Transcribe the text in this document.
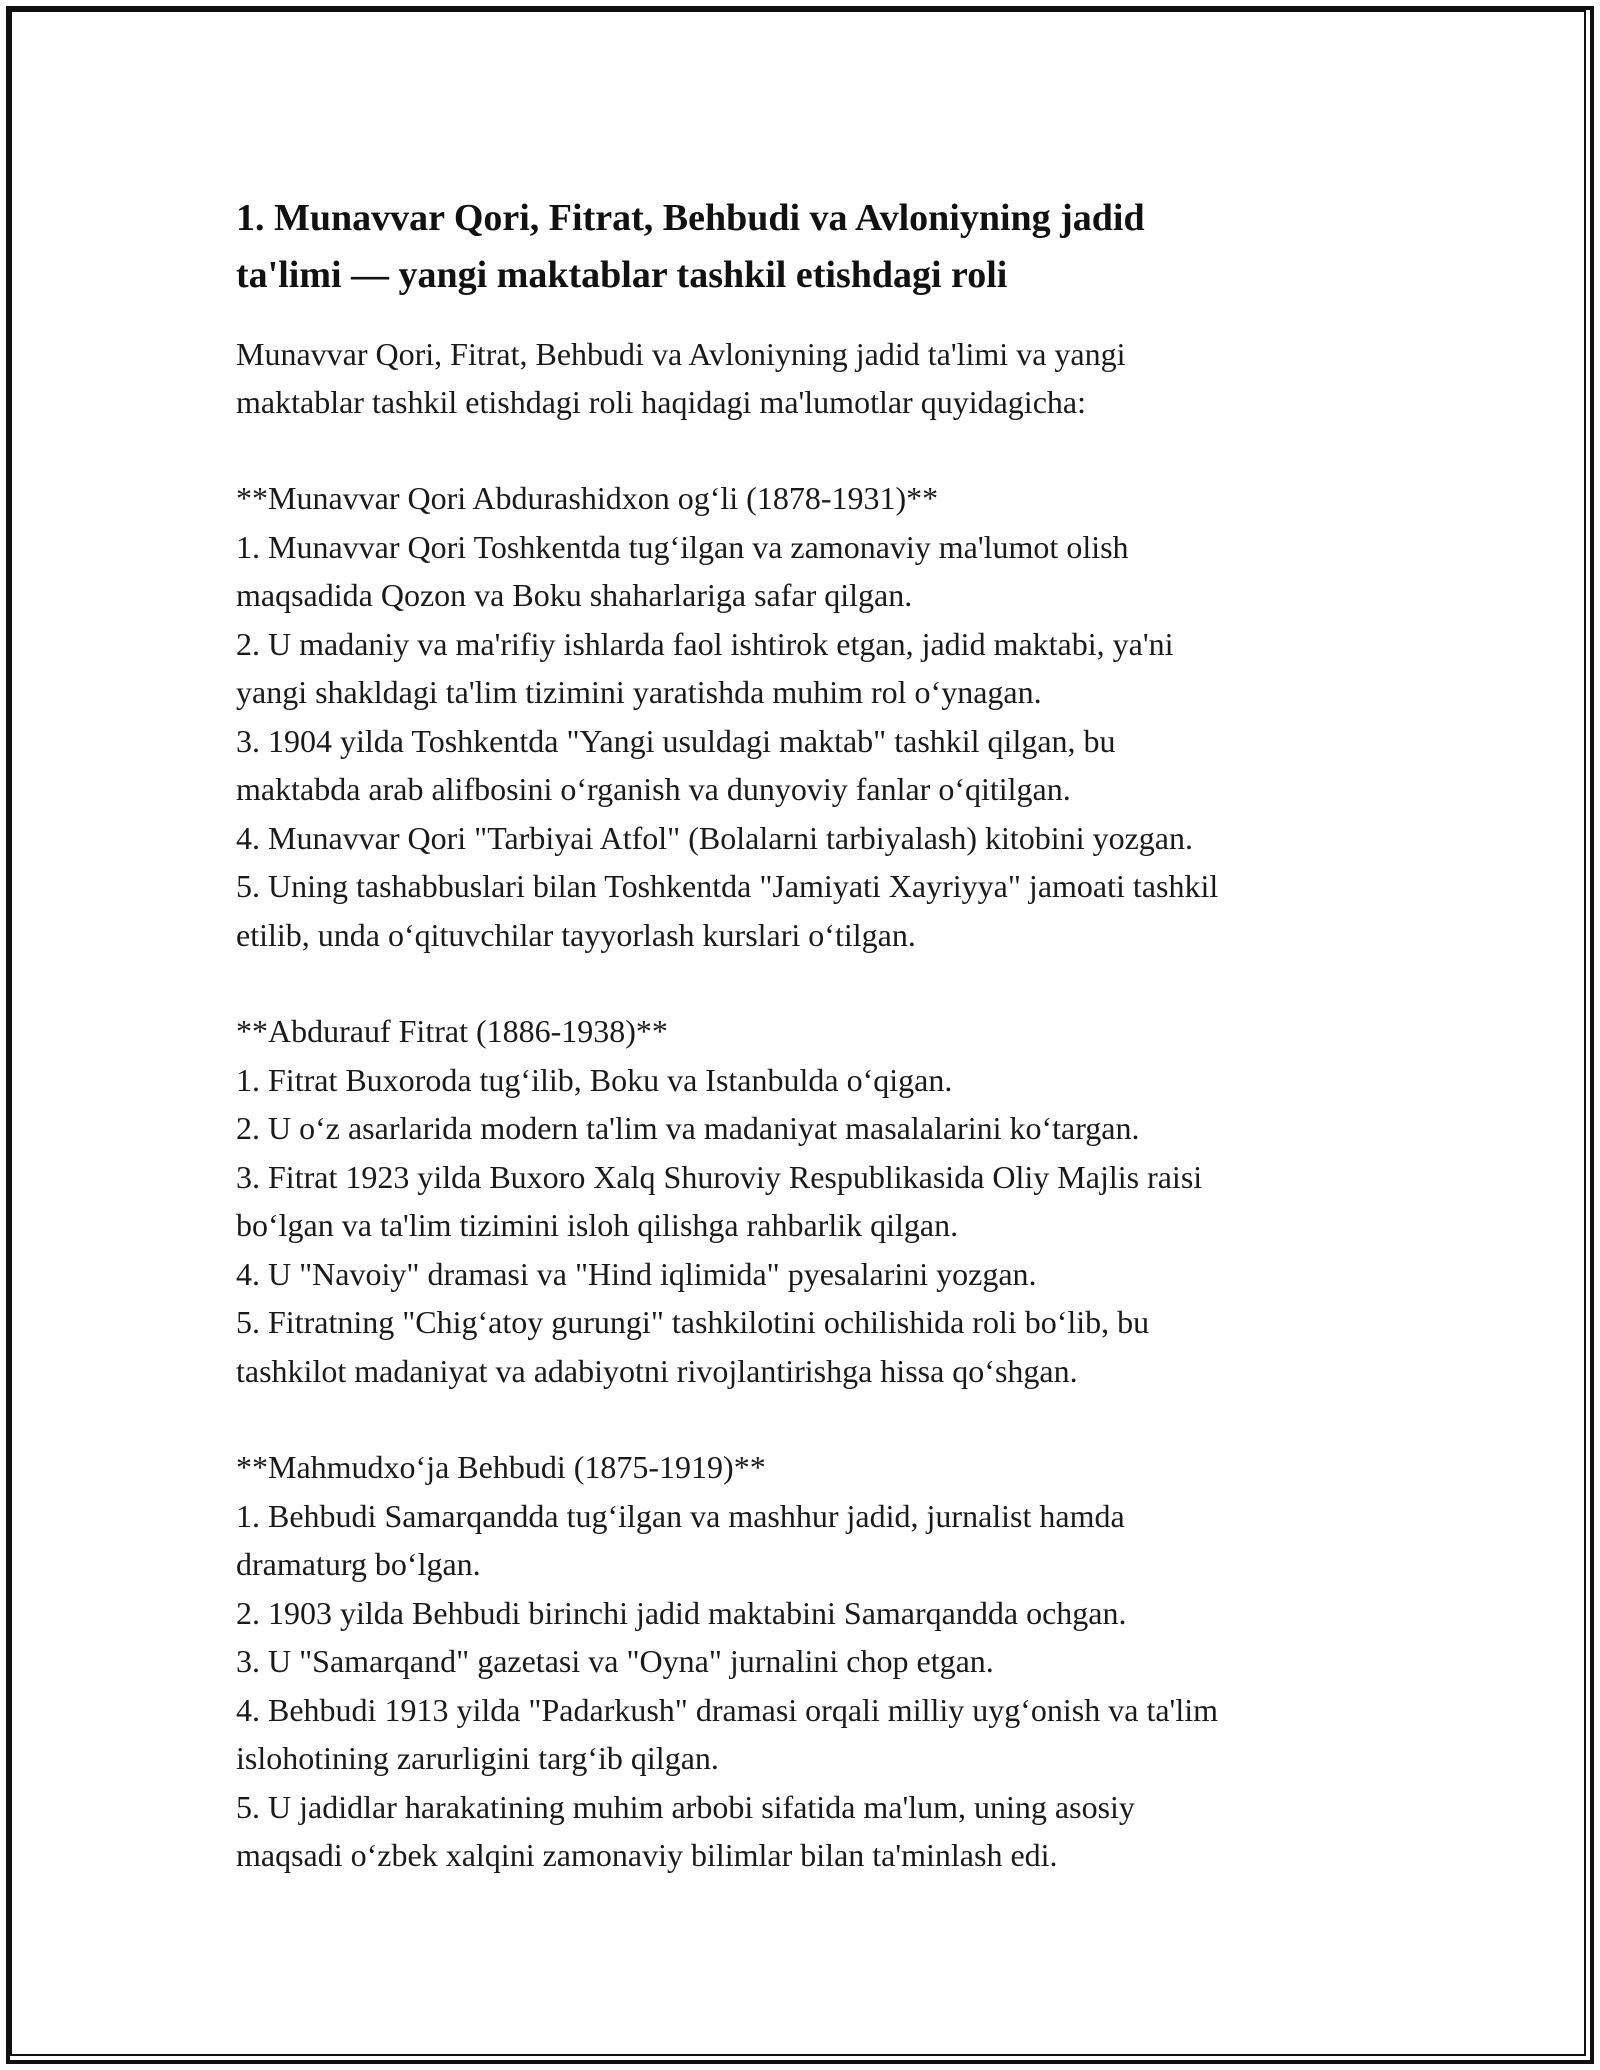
1. Munavvar Qori, Fitrat, Behbudi va Avloniyning jadid
ta'limi — yangi maktablar tashkil etishdagi roli
Munavvar Qori, Fitrat, Behbudi va Avloniyning jadid ta'limi va yangi
maktablar tashkil etishdagi roli haqidagi ma'lumotlar quyidagicha:

**Munavvar Qori Abdurashidxon og‘li (1878-1931)**

1. Munavvar Qori Toshkentda tug‘ilgan va zamonaviy ma'lumot olish

maqsadida Qozon va Boku shaharlariga safar qilgan.

2. U madaniy va ma'rifiy ishlarda faol ishtirok etgan, jadid maktabi, ya'ni

yangi shakldagi ta'lim tizimini yaratishda muhim rol o‘ynagan.

3. 1904 yilda Toshkentda "Yangi usuldagi maktab" tashkil qilgan, bu

maktabda arab alifbosini o‘rganish va dunyoviy fanlar o‘qitilgan.

4. Munavvar Qori "Tarbiyai Atfol" (Bolalarni tarbiyalash) kitobini yozgan.

5. Uning tashabbuslari bilan Toshkentda "Jamiyati Xayriyya" jamoati tashkil

etilib, unda o‘qituvchilar tayyorlash kurslari o‘tilgan.

**Abdurauf Fitrat (1886-1938)**

1. Fitrat Buxoroda tug‘ilib, Boku va Istanbulda o‘qigan.

2. U o‘z asarlarida modern ta'lim va madaniyat masalalarini ko‘targan.

3. Fitrat 1923 yilda Buxoro Xalq Shuroviy Respublikasida Oliy Majlis raisi

bo‘lgan va ta'lim tizimini isloh qilishga rahbarlik qilgan.

4. U "Navoiy" dramasi va "Hind iqlimida" pyesalarini yozgan.

5. Fitratning "Chig‘atoy gurungi" tashkilotini ochilishida roli bo‘lib, bu

tashkilot madaniyat va adabiyotni rivojlantirishga hissa qo‘shgan.

**Mahmudxo‘ja Behbudi (1875-1919)**

1. Behbudi Samarqandda tug‘ilgan va mashhur jadid, jurnalist hamda

dramaturg bo‘lgan.

2. 1903 yilda Behbudi birinchi jadid maktabini Samarqandda ochgan.

3. U "Samarqand" gazetasi va "Oyna" jurnalini chop etgan.

4. Behbudi 1913 yilda "Padarkush" dramasi orqali milliy uyg‘onish va ta'lim

islohotining zarurligini targ‘ib qilgan.

5. U jadidlar harakatining muhim arbobi sifatida ma'lum, uning asosiy

maqsadi o‘zbek xalqini zamonaviy bilimlar bilan ta'minlash edi.
